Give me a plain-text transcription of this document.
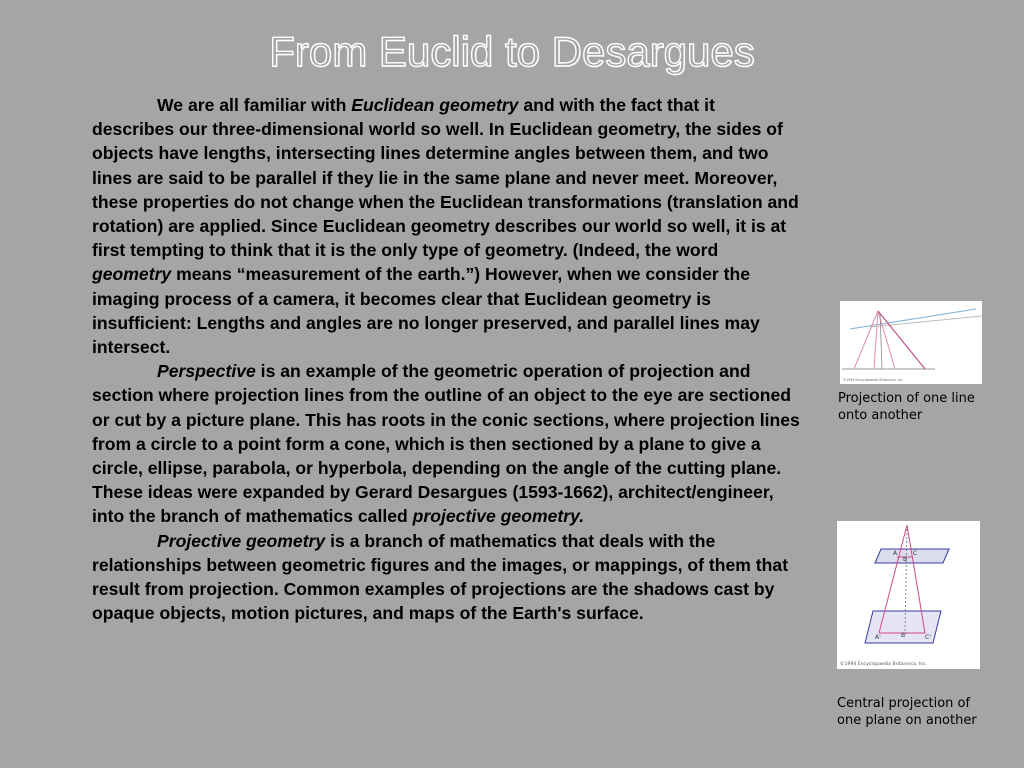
From Euclid to Desargues

We are all familiar with Euclidean geometry and with the fact that it describes our three-dimensional world so well. In Euclidean geometry, the sides of objects have lengths, intersecting lines determine angles between them, and two lines are said to be parallel if they lie in the same plane and never meet. Moreover, these properties do not change when the Euclidean transformations (translation and rotation) are applied. Since Euclidean geometry describes our world so well, it is at first tempting to think that it is the only type of geometry. (Indeed, the word geometry means “measurement of the earth.”) However, when we consider the imaging process of a camera, it becomes clear that Euclidean geometry is insufficient: Lengths and angles are no longer preserved, and parallel lines may intersect.

Perspective is an example of the geometric operation of projection and section where projection lines from the outline of an object to the eye are sectioned or cut by a picture plane. This has roots in the conic sections, where projection lines from a circle to a point form a cone, which is then sectioned by a plane to give a circle, ellipse, parabola, or hyperbola, depending on the angle of the cutting plane. These ideas were expanded by Gerard Desargues (1593-1662), architect/engineer, into the branch of mathematics called projective geometry.

Projective geometry is a branch of mathematics that deals with the relationships between geometric figures and the images, or mappings, of them that result from projection. Common examples of projections are the shadows cast by opaque objects, motion pictures, and maps of the Earth's surface.

©1994 Encyclopaedia Britannica, Inc.
Projection of one line onto another
A
B
C
A'	B'	C'
©1994 Encyclopaedia Britannica, Inc.
Central projection of one plane on another
